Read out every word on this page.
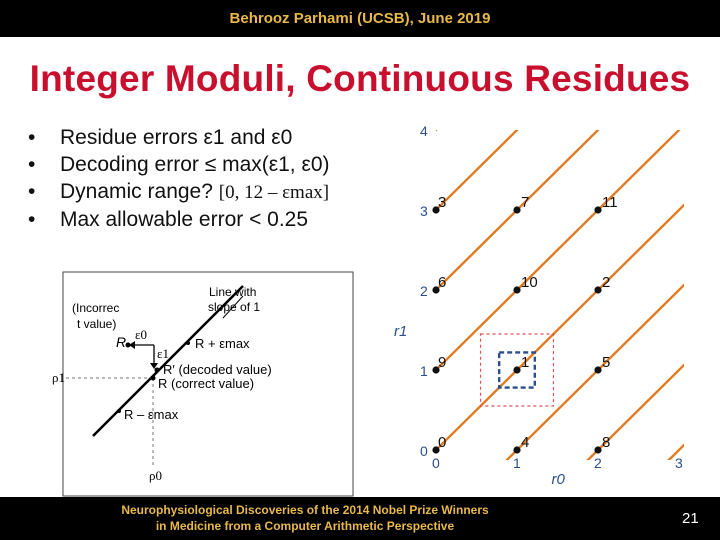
Behrooz Parhami (UCSB), June 2019
Integer Moduli, Continuous Residues
• Residue errors ε1 and ε0
• Decoding error ≤ max(ε1, ε0)
• Dynamic range? [0, 12 – εmax]
• Max allowable error < 0.25
(Incorrec
t value)
Line with
slope of 1
R ε0
ε1
R + εmax
R′ (decoded value)
R (correct value)
R – εmax
ρ1
ρ0
0
1
2
3
4
0	1	2	3
r1
r0
0	4	8
9	1	5
6	10	2
3	7	11
Neurophysiological Discoveries of the 2014 Nobel Prize Winners
in Medicine from a Computer Arithmetic Perspective	21
